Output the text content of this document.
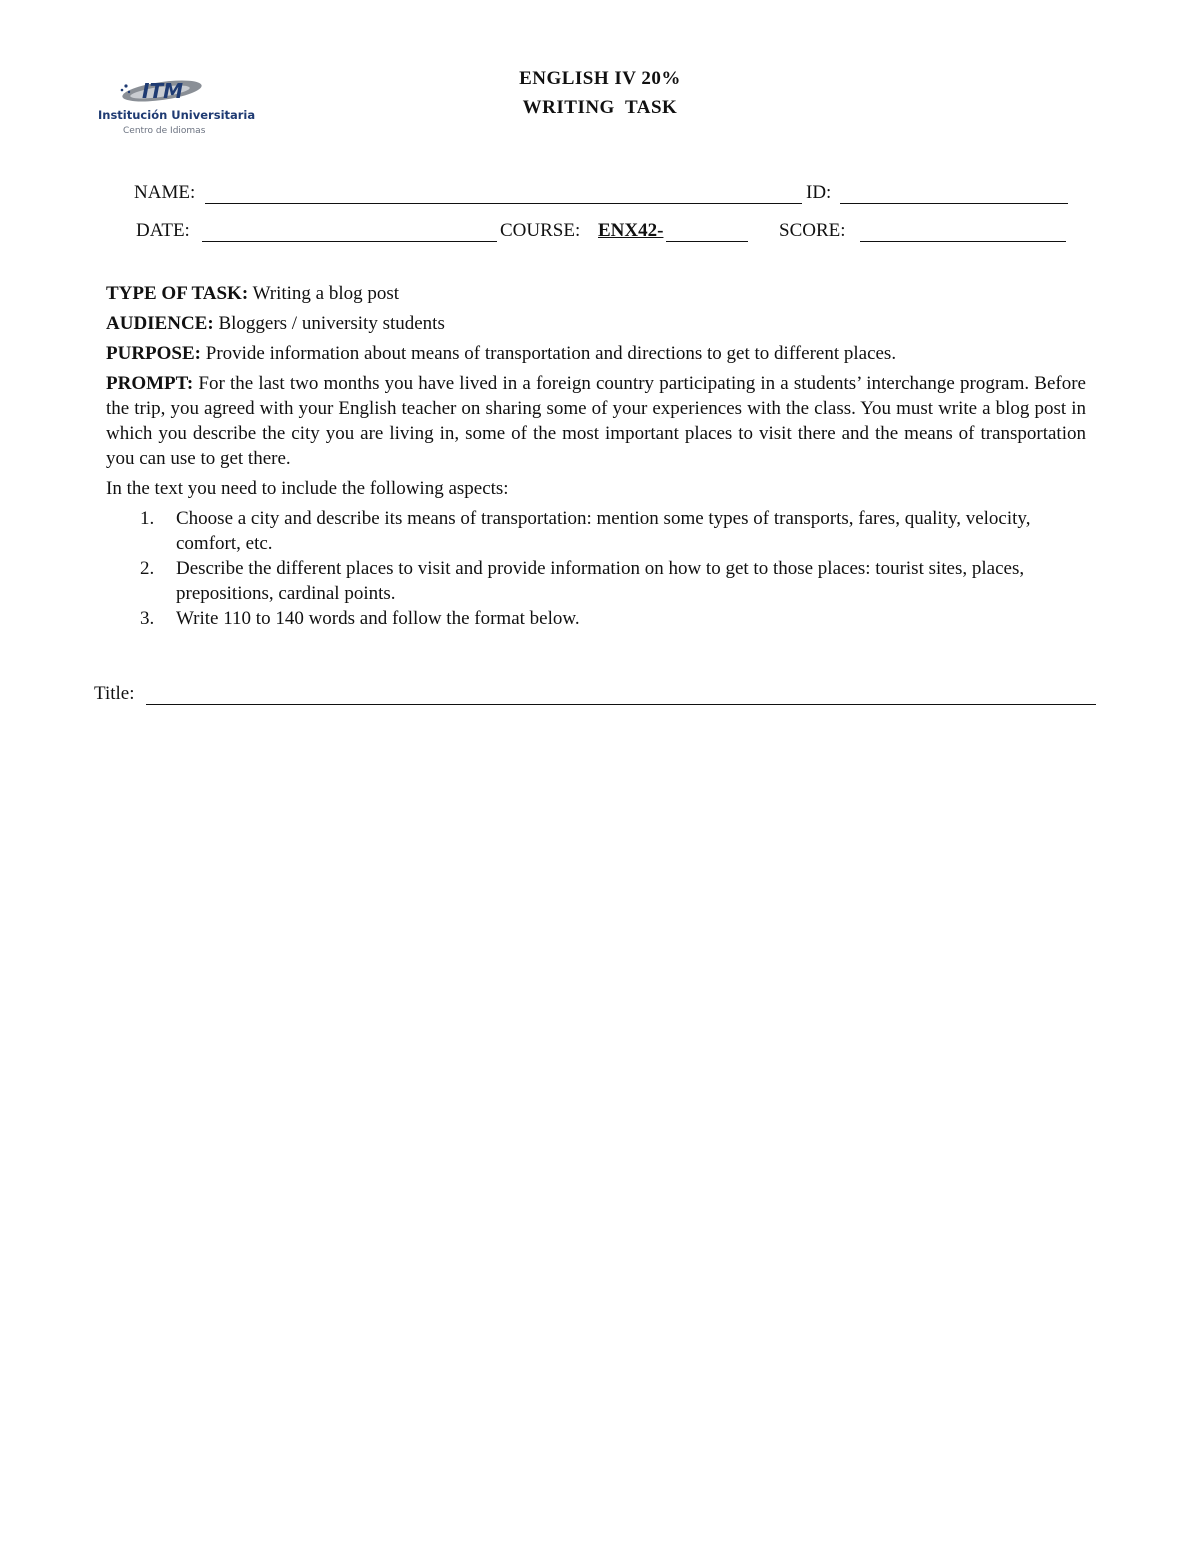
ITM
Institución Universitaria
Centro de Idiomas
ENGLISH IV 20%
WRITING  TASK
NAME:	ID:
DATE:	COURSE: ENX42-	SCORE:

TYPE OF TASK: Writing a blog post

AUDIENCE: Bloggers / university students

PURPOSE: Provide information about means of transportation and directions to get to different places.

PROMPT: For the last two months you have lived in a foreign country participating in a students’ interchange program. Before the trip, you agreed with your English teacher on sharing some of your experiences with the class. You must write a blog post in which you describe the city you are living in, some of the most important places to visit there and the means of transportation you can use to get there.

In the text you need to include the following aspects:

1. Choose a city and describe its means of transportation: mention some types of transports, fares, quality, velocity, comfort, etc.
2. Describe the different places to visit and provide information on how to get to those places: tourist sites, places, prepositions, cardinal points.
3. Write 110 to 140 words and follow the format below.
Title:
